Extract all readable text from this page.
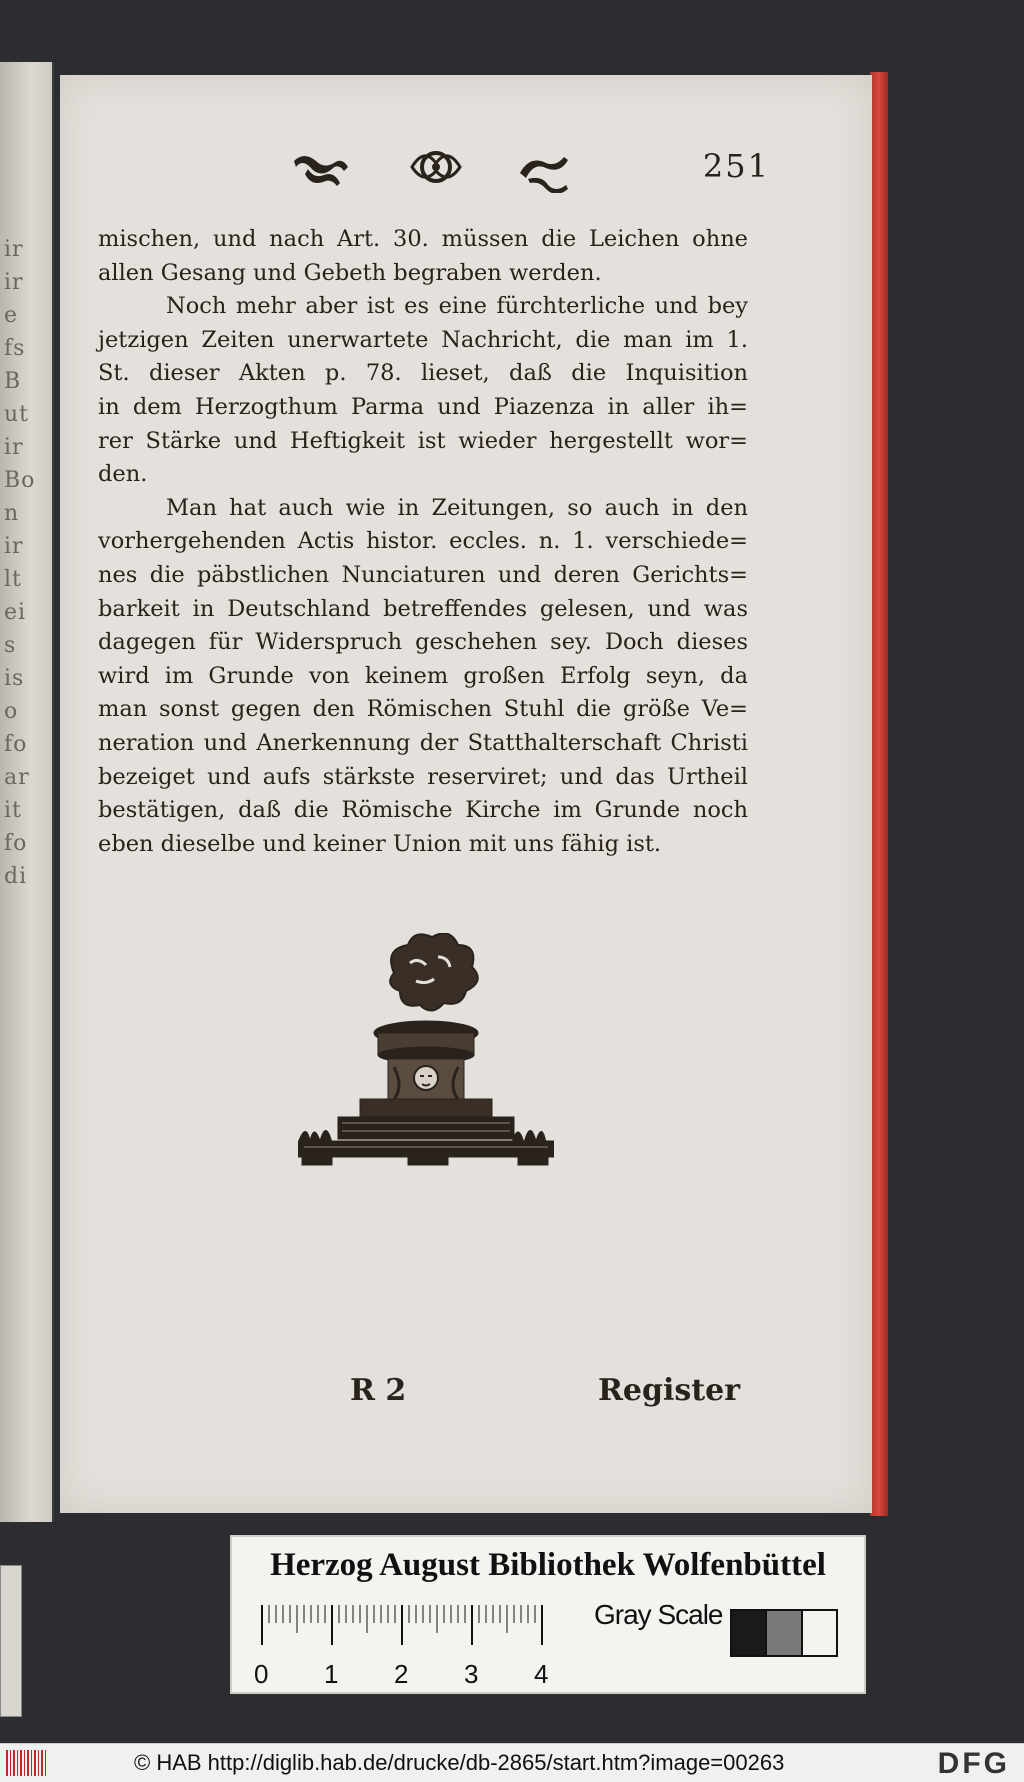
ir
ir
e
fs
B
ut
ir
Bo
n
ir
lt
ei
s
is
o
fo
ar
it
fo
di
251
mischen, und nach Art. 30. müssen die Leichen ohne
allen Gesang und Gebeth begraben werden.
Noch mehr aber ist es eine fürchterliche und bey
jetzigen Zeiten unerwartete Nachricht, die man im 1.
St. dieser Akten p. 78. lieset, daß die Inquisition
in dem Herzogthum Parma und Piazenza in aller ih=
rer Stärke und Heftigkeit ist wieder hergestellt wor=
den.
Man hat auch wie in Zeitungen, so auch in den
vorhergehenden Actis histor. eccles. n. 1. verschiede=
nes die päbstlichen Nunciaturen und deren Gerichts=
barkeit in Deutschland betreffendes gelesen, und was
dagegen für Widerspruch geschehen sey. Doch dieses
wird im Grunde von keinem großen Erfolg seyn, da
man sonst gegen den Römischen Stuhl die größe Ve=
neration und Anerkennung der Statthalterschaft Christi
bezeiget und aufs stärkste reserviret; und das Urtheil
bestätigen, daß die Römische Kirche im Grunde noch
eben dieselbe und keiner Union mit uns fähig ist.
R 2	Register
Herzog August Bibliothek Wolfenbüttel
0 1 2 3 4
Gray Scale
© HAB http://diglib.hab.de/drucke/db-2865/start.htm?image=00263	DFG
